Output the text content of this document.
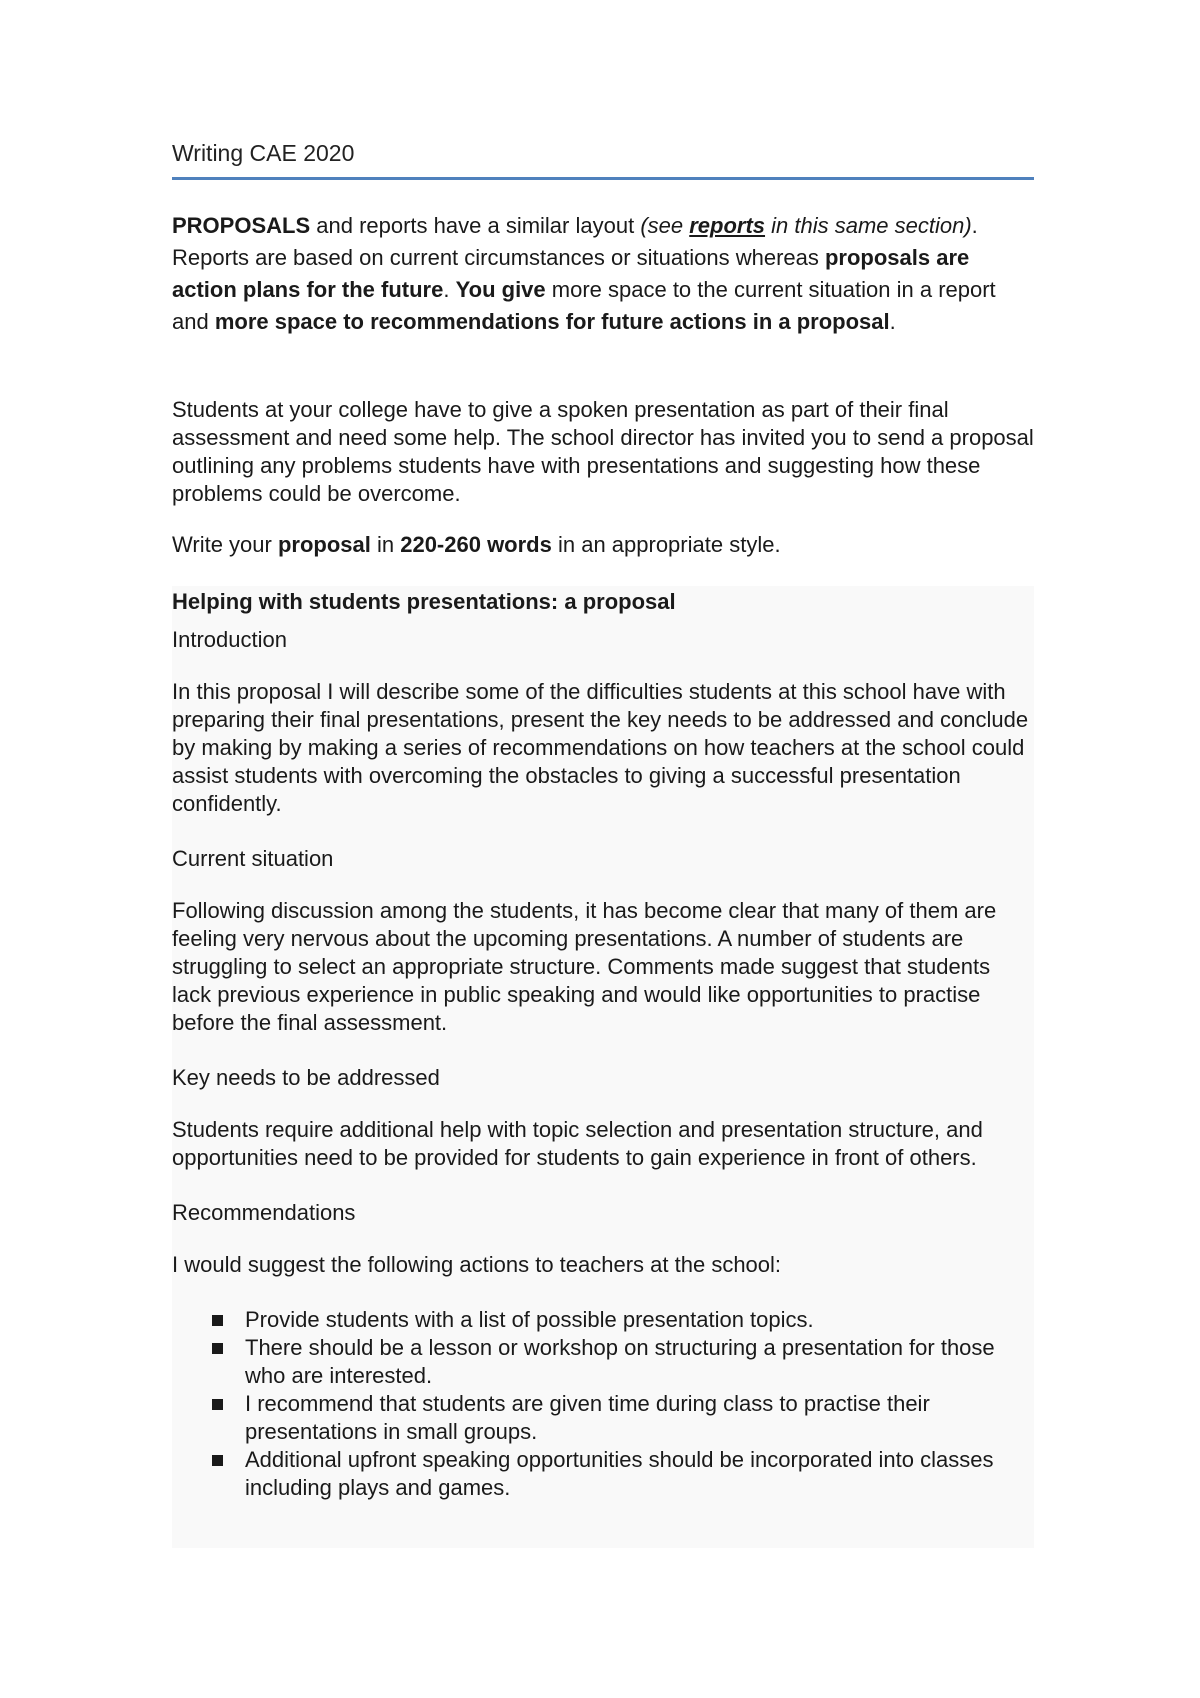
Writing CAE 2020

PROPOSALS and reports have a similar layout (see reports in this same section). Reports are based on current circumstances or situations whereas proposals are action plans for the future. You give more space to the current situation in a report and more space to recommendations for future actions in a proposal.

Students at your college have to give a spoken presentation as part of their final assessment and need some help. The school director has invited you to send a proposal outlining any problems students have with presentations and suggesting how these problems could be overcome.

Write your proposal in 220-260 words in an appropriate style.

Helping with students presentations: a proposal
Introduction
In this proposal I will describe some of the difficulties students at this school have with preparing their final presentations, present the key needs to be addressed and conclude by making by making a series of recommendations on how teachers at the school could assist students with overcoming the obstacles to giving a successful presentation confidently.
Current situation
Following discussion among the students, it has become clear that many of them are feeling very nervous about the upcoming presentations. A number of students are struggling to select an appropriate structure. Comments made suggest that students lack previous experience in public speaking and would like opportunities to practise before the final assessment.
Key needs to be addressed
Students require additional help with topic selection and presentation structure, and opportunities need to be provided for students to gain experience in front of others.
Recommendations
I would suggest the following actions to teachers at the school:
Provide students with a list of possible presentation topics.
There should be a lesson or workshop on structuring a presentation for those who are interested.
I recommend that students are given time during class to practise their presentations in small groups.
Additional upfront speaking opportunities should be incorporated into classes including plays and games.
